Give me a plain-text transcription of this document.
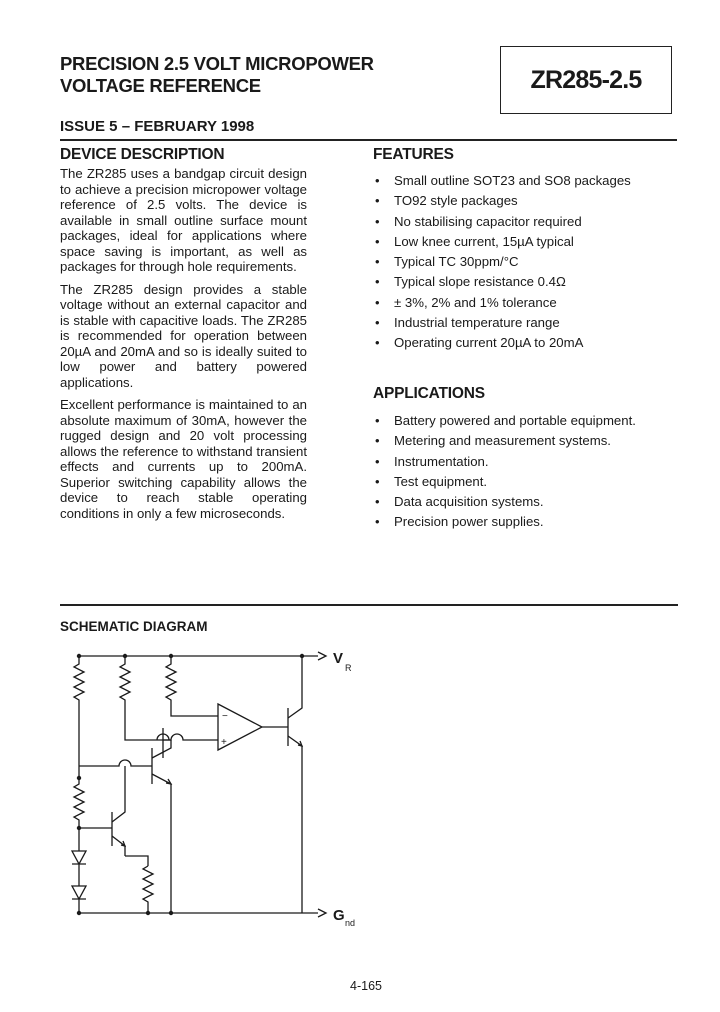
PRECISION 2.5 VOLT MICROPOWER
VOLTAGE REFERENCE	ZR285-2.5
ISSUE 5 – FEBRUARY 1998
DEVICE DESCRIPTION

The ZR285 uses a bandgap circuit design to achieve a precision micropower voltage reference of 2.5 volts. The device is available in small outline surface mount packages, ideal for applications where space saving is important, as well as packages for through hole requirements.

The ZR285 design provides a stable voltage without an external capacitor and is stable with capacitive loads. The ZR285 is recommended for operation between 20µA and 20mA and so is ideally suited to low power and battery powered applications.

Excellent performance is maintained to an absolute maximum of 30mA, however the rugged design and 20 volt processing allows the reference to withstand transient effects and currents up to 200mA. Superior switching capability allows the device to reach stable operating conditions in only a few microseconds.

FEATURES
• Small outline SOT23 and SO8 packages
• TO92 style packages
• No stabilising capacitor required
• Low knee current, 15µA typical
• Typical TC 30ppm/°C
• Typical slope resistance 0.4Ω
• ± 3%, 2% and 1% tolerance
• Industrial temperature range
• Operating current 20µA to 20mA
APPLICATIONS
• Battery powered and portable equipment.
• Metering and measurement systems.
• Instrumentation.
• Test equipment.
• Data acquisition systems.
• Precision power supplies.
SCHEMATIC DIAGRAM
−
+
V
R
G nd
4-165
